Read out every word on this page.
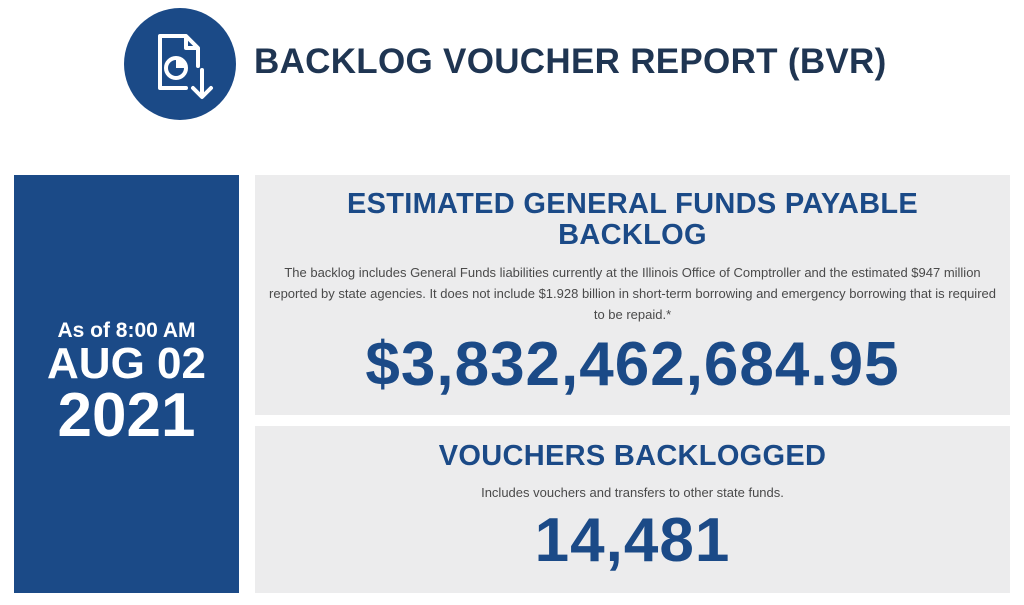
BACKLOG VOUCHER REPORT (BVR)
As of 8:00 AM
AUG 02
2021
ESTIMATED GENERAL FUNDS PAYABLE BACKLOG
The backlog includes General Funds liabilities currently at the Illinois Office of Comptroller and the estimated $947 million reported by state agencies. It does not include $1.928 billion in short-term borrowing and emergency borrowing that is required to be repaid.*
$3,832,462,684.95
VOUCHERS BACKLOGGED
Includes vouchers and transfers to other state funds.
14,481
